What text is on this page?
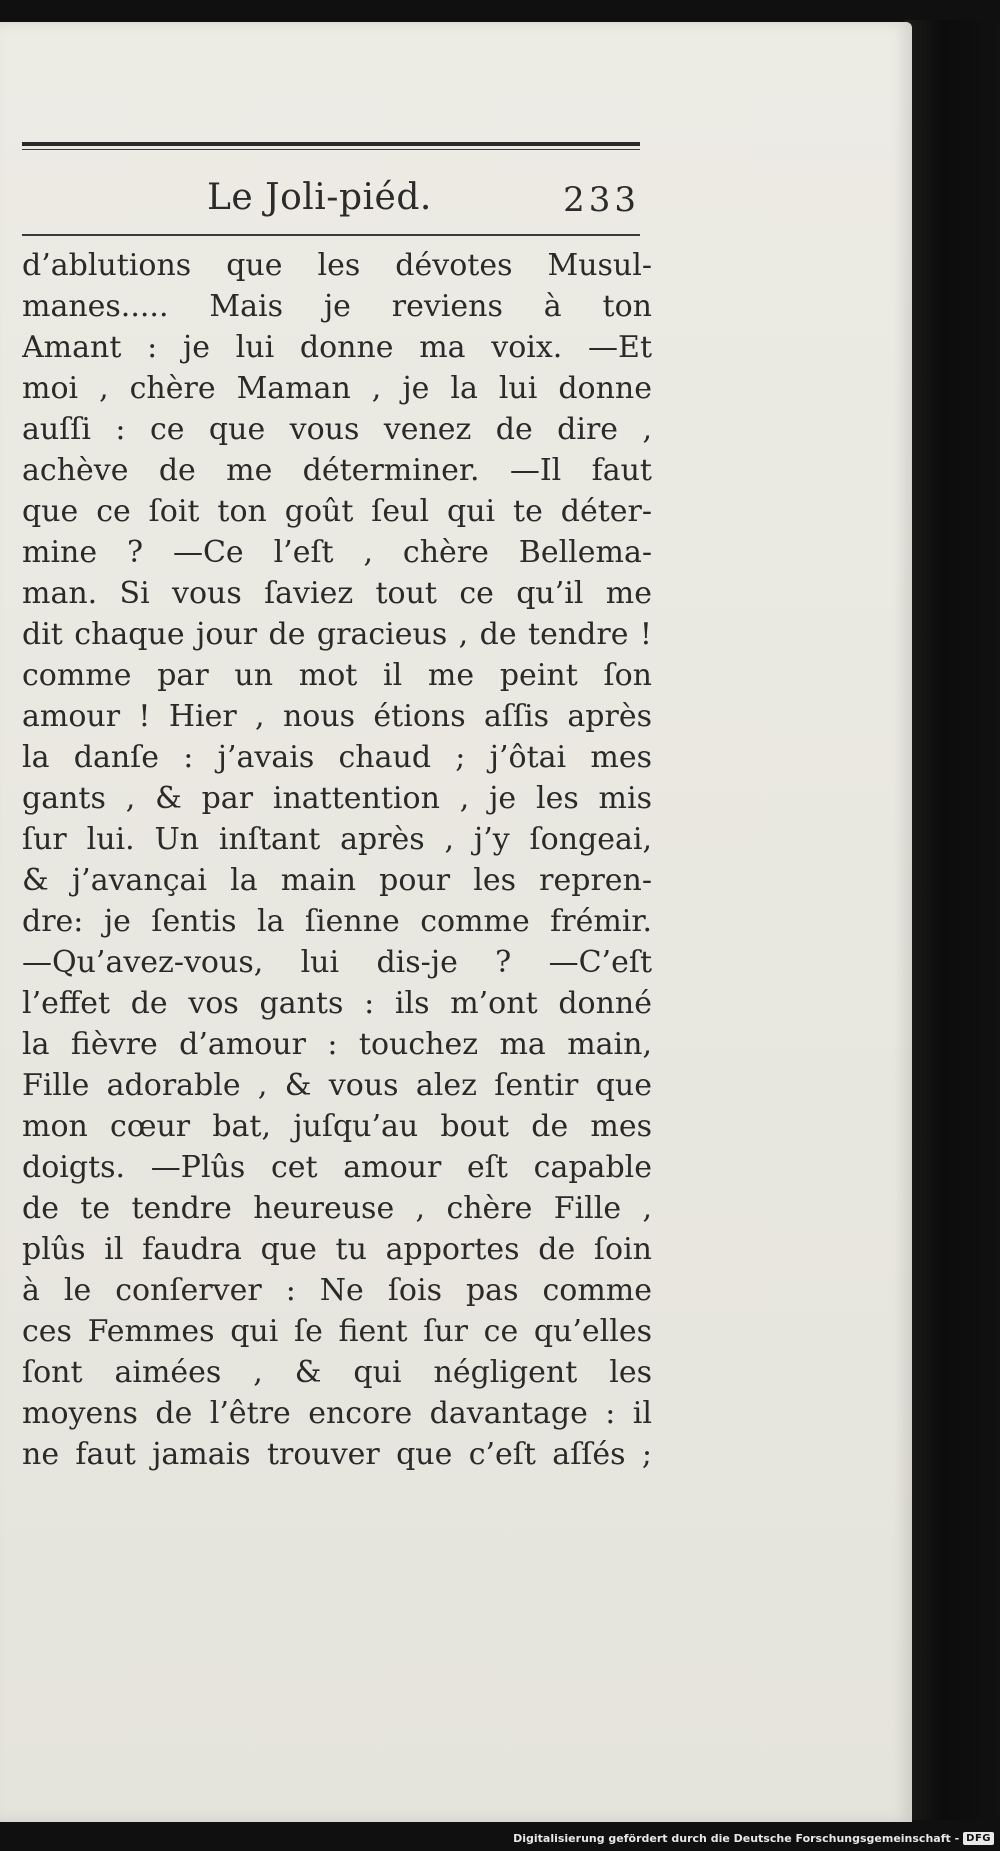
Le Joli-piéd.	233
d’ablutions que les dévotes Musul-
manes..... Mais je reviens à ton
Amant : je lui donne ma voix. —Et
moi , chère Maman , je la lui donne
auſſi : ce que vous venez de dire ,
achève de me déterminer. —Il faut
que ce ſoit ton goût ſeul qui te déter-
mine ? —Ce l’eſt , chère Bellema-
man. Si vous ſaviez tout ce qu’il me
dit chaque jour de gracieus , de tendre !
comme par un mot il me peint ſon
amour ! Hier , nous étions aſſis après
la danſe : j’avais chaud ; j’ôtai mes
gants , & par inattention , je les mis
ſur lui. Un inſtant après , j’y ſongeai,
& j’avançai la main pour les repren-
dre: je ſentis la ſienne comme frémir.
—Qu’avez-vous, lui dis-je ? —C’eſt
l’effet de vos gants : ils m’ont donné
la fièvre d’amour : touchez ma main,
Fille adorable , & vous alez ſentir que
mon cœur bat, juſqu’au bout de mes
doigts. —Plûs cet amour eſt capable
de te tendre heureuse , chère Fille ,
plûs il faudra que tu apportes de ſoin
à le conſerver : Ne ſois pas comme
ces Femmes qui ſe fient ſur ce qu’elles
ſont aimées , & qui négligent les
moyens de l’être encore davantage : il
ne faut jamais trouver que c’eſt aſſés ;
Digitalisierung gefördert durch die Deutsche Forschungsgemeinschaft - DFG
